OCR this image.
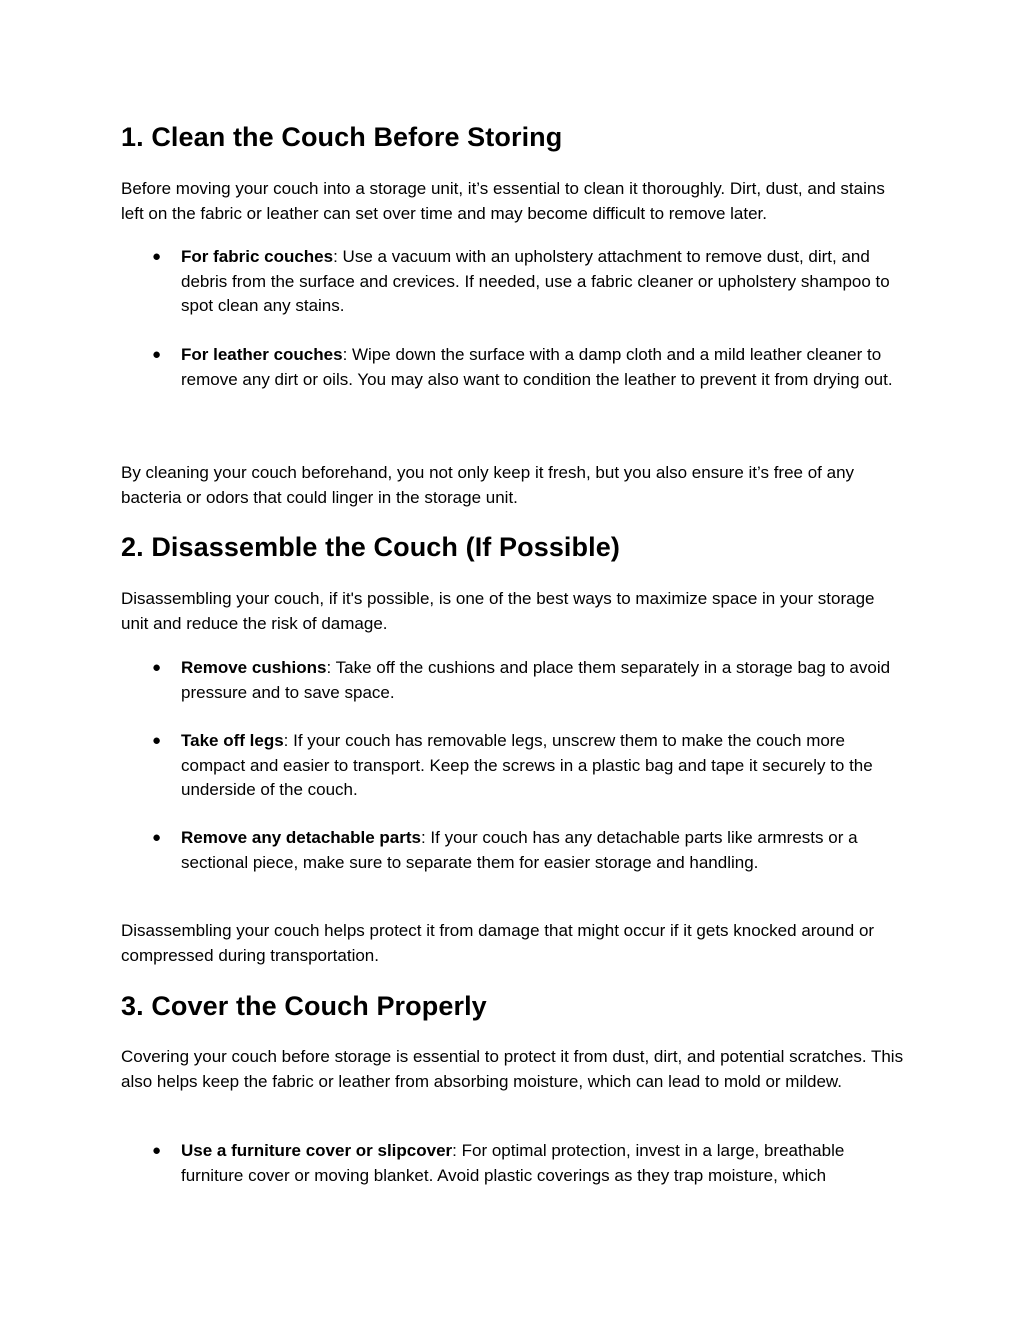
1. Clean the Couch Before Storing

Before moving your couch into a storage unit, it’s essential to clean it thoroughly. Dirt, dust, and stains left on the fabric or leather can set over time and may become difficult to remove later.

● For fabric couches: Use a vacuum with an upholstery attachment to remove dust, dirt, and debris from the surface and crevices. If needed, use a fabric cleaner or upholstery shampoo to spot clean any stains.

● For leather couches: Wipe down the surface with a damp cloth and a mild leather cleaner to remove any dirt or oils. You may also want to condition the leather to prevent it from drying out.

By cleaning your couch beforehand, you not only keep it fresh, but you also ensure it’s free of any bacteria or odors that could linger in the storage unit.

2. Disassemble the Couch (If Possible)

Disassembling your couch, if it's possible, is one of the best ways to maximize space in your storage unit and reduce the risk of damage.

● Remove cushions: Take off the cushions and place them separately in a storage bag to avoid pressure and to save space.

● Take off legs: If your couch has removable legs, unscrew them to make the couch more compact and easier to transport. Keep the screws in a plastic bag and tape it securely to the underside of the couch.

● Remove any detachable parts: If your couch has any detachable parts like armrests or a sectional piece, make sure to separate them for easier storage and handling.

Disassembling your couch helps protect it from damage that might occur if it gets knocked around or compressed during transportation.

3. Cover the Couch Properly

Covering your couch before storage is essential to protect it from dust, dirt, and potential scratches. This also helps keep the fabric or leather from absorbing moisture, which can lead to mold or mildew.

● Use a furniture cover or slipcover: For optimal protection, invest in a large, breathable furniture cover or moving blanket. Avoid plastic coverings as they trap moisture, which
